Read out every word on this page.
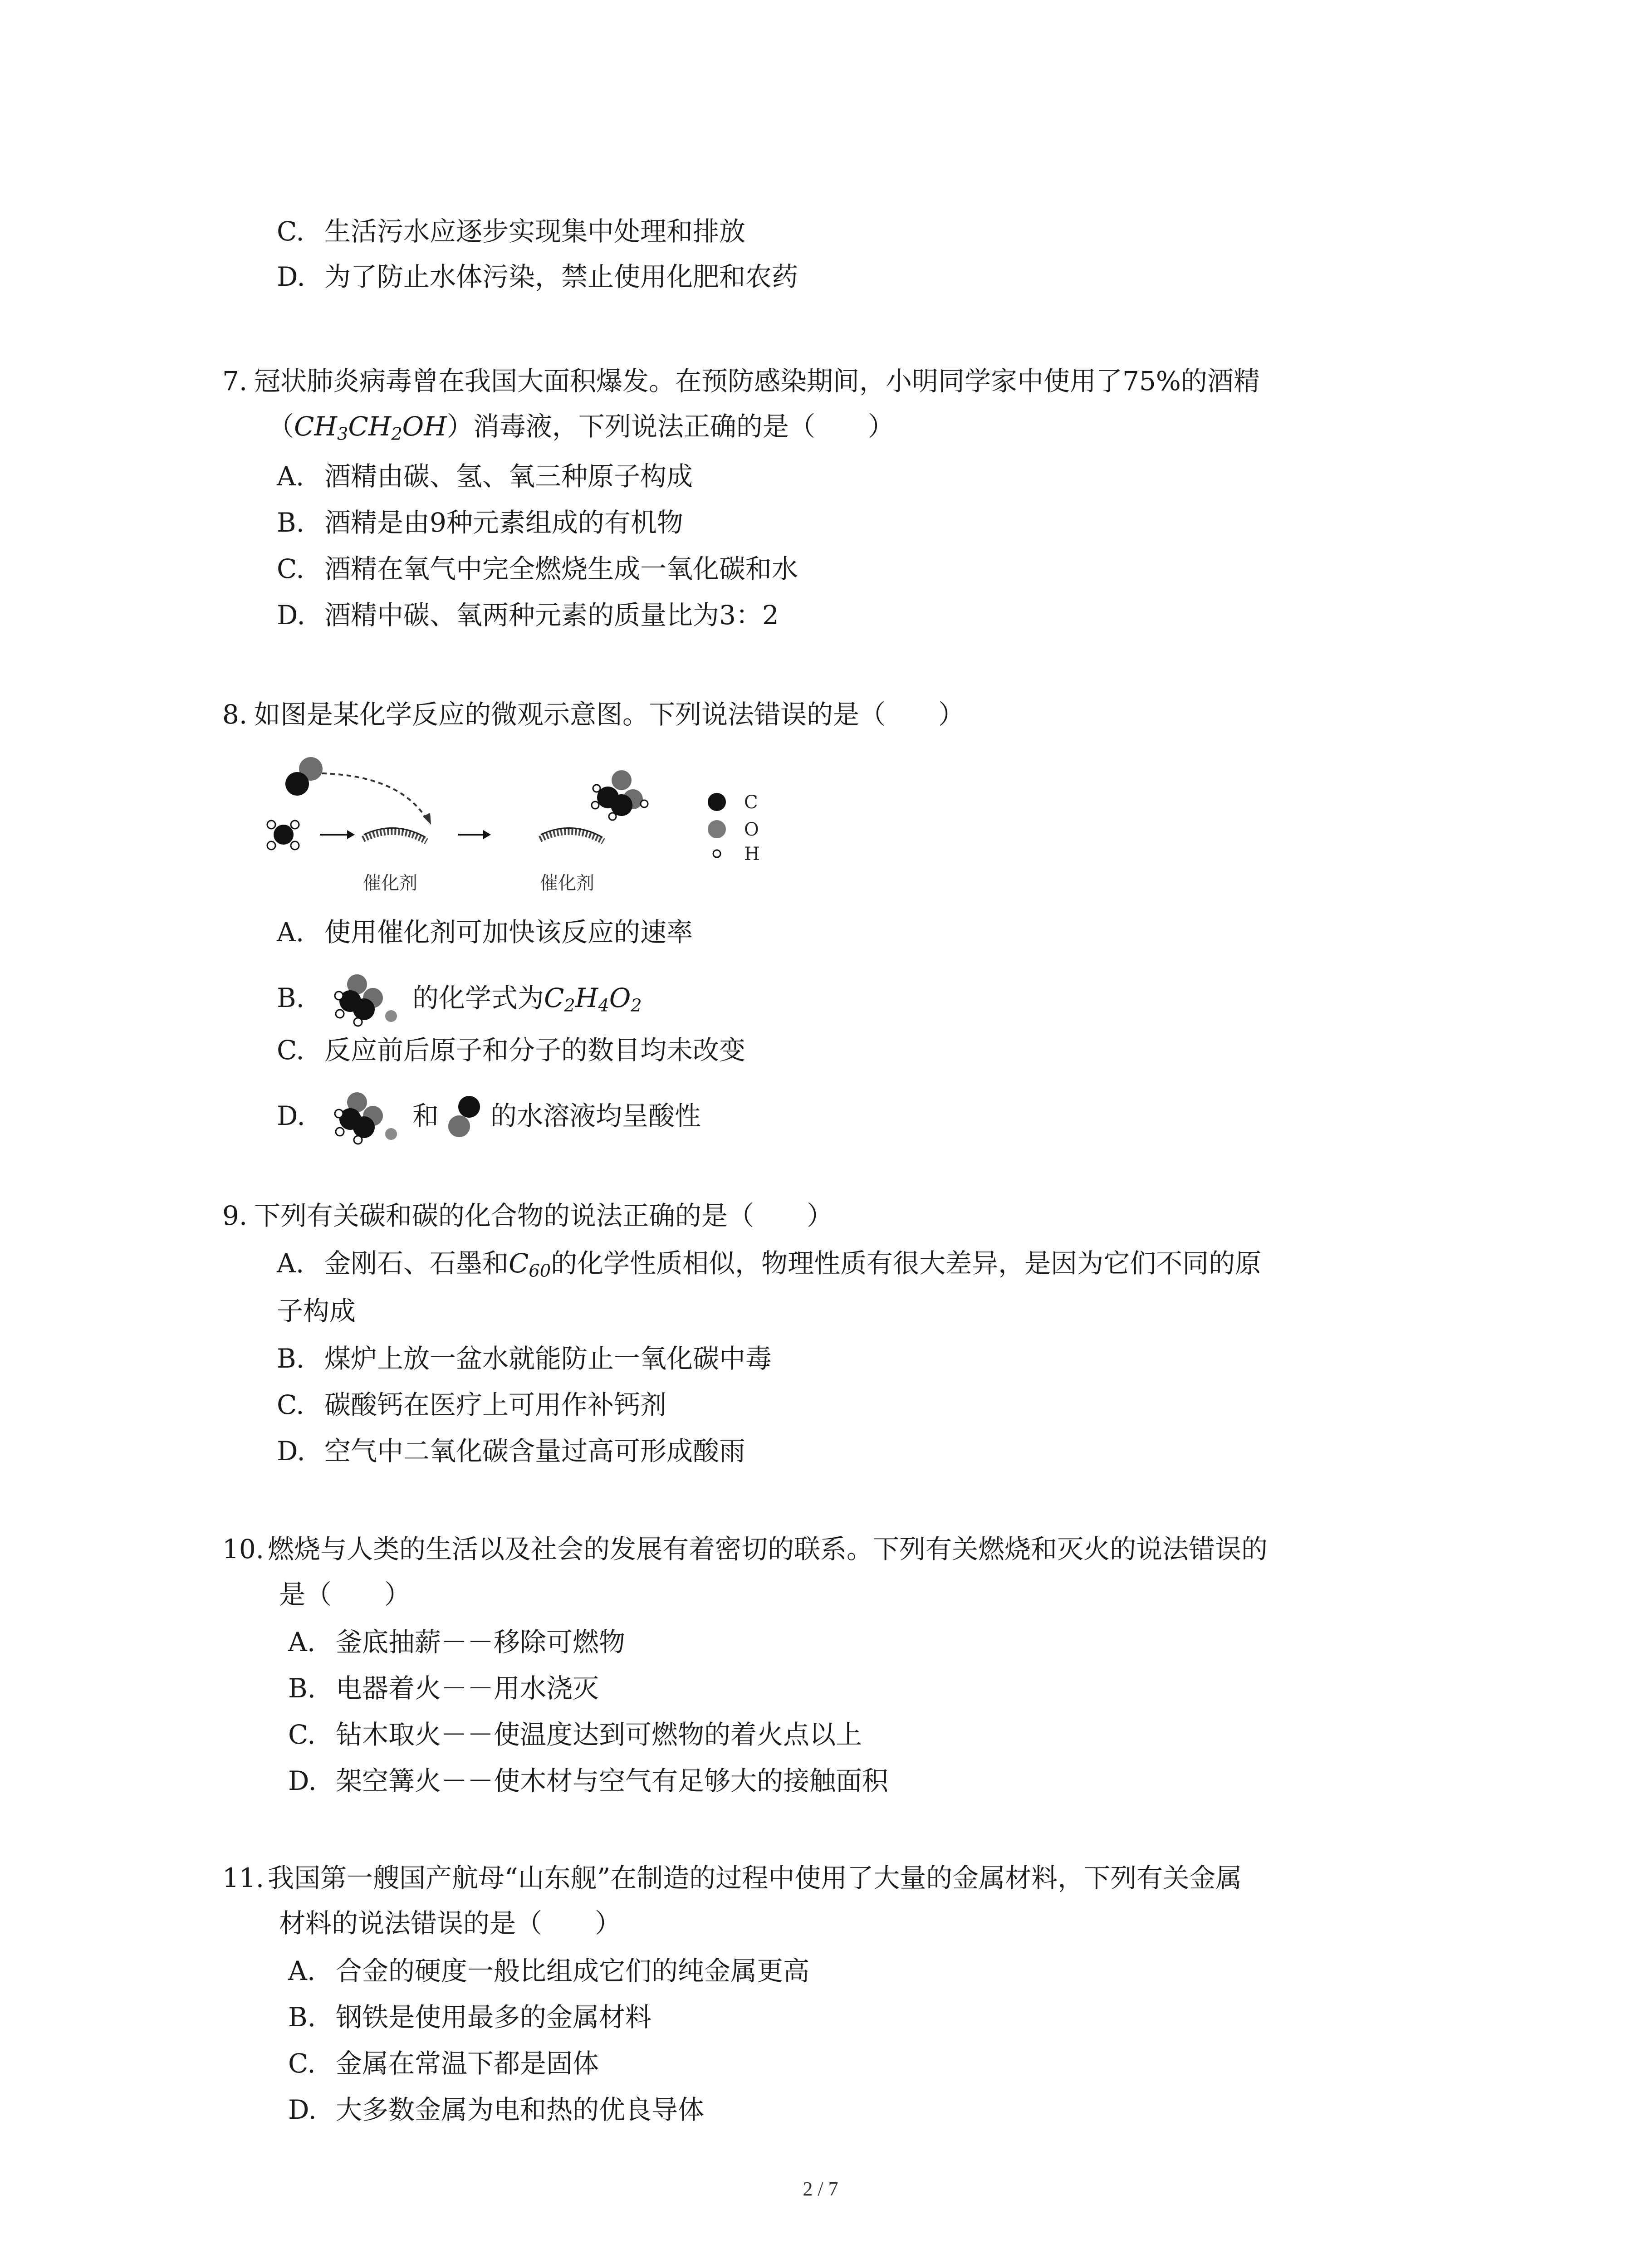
C. 生活污水应逐步实现集中处理和排放
D. 为了防止水体污染，禁止使用化肥和农药
7. 冠状肺炎病毒曾在我国大面积爆发。在预防感染期间，小明同学家中使用了75%的酒精
$(CH_3CH_2OH)$消毒液，下列说法正确的是（　　）
A. 酒精由碳、氢、氧三种原子构成
B. 酒精是由9种元素组成的有机物
C. 酒精在氧气中完全燃烧生成一氧化碳和水
D. 酒精中碳、氧两种元素的质量比为3：2
8. 如图是某化学反应的微观示意图。下列说法错误的是（　　）
催化剂	催化剂
C
O
H
A. 使用催化剂可加快该反应的速率
B.	的化学式为$C_2H_4O_2$
C. 反应前后原子和分子的数目均未改变
D.	和 的水溶液均呈酸性
9. 下列有关碳和碳的化合物的说法正确的是（　　）
A. 金刚石、石墨和$C_{60}$的化学性质相似，物理性质有很大差异，是因为它们不同的原
子构成
B. 煤炉上放一盆水就能防止一氧化碳中毒
C. 碳酸钙在医疗上可用作补钙剂
D. 空气中二氧化碳含量过高可形成酸雨
10. 燃烧与人类的生活以及社会的发展有着密切的联系。下列有关燃烧和灭火的说法错误的
是（　　）
A. 釜底抽薪－－移除可燃物
B. 电器着火－－用水浇灭
C. 钻木取火－－使温度达到可燃物的着火点以上
D. 架空篝火－－使木材与空气有足够大的接触面积
11. 我国第一艘国产航母“山东舰”在制造的过程中使用了大量的金属材料，下列有关金属
材料的说法错误的是（　　）
A. 合金的硬度一般比组成它们的纯金属更高
B. 钢铁是使用最多的金属材料
C. 金属在常温下都是固体
D. 大多数金属为电和热的优良导体
2 / 7
